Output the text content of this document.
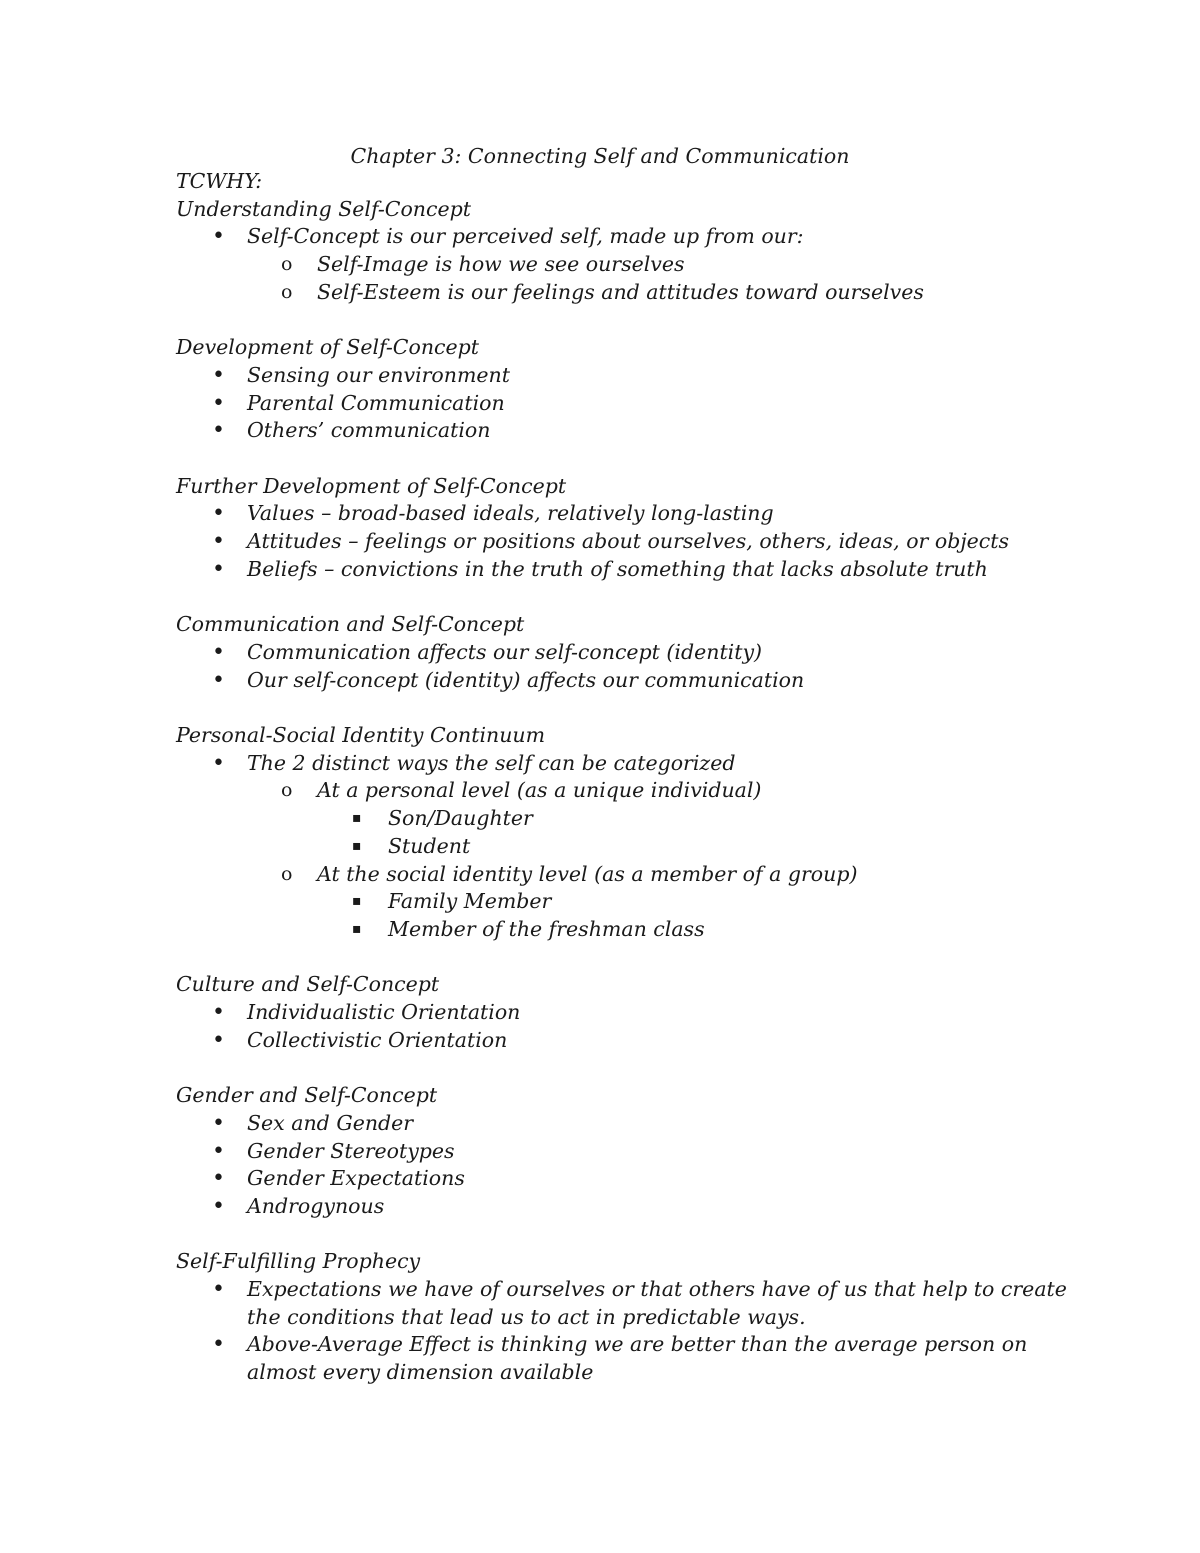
Chapter 3: Connecting Self and Communication
TCWHY:
Understanding Self-Concept
• Self-Concept is our perceived self, made up from our:
o Self-Image is how we see ourselves
o Self-Esteem is our feelings and attitudes toward ourselves
Development of Self-Concept
• Sensing our environment
• Parental Communication
• Others’ communication
Further Development of Self-Concept
• Values – broad-based ideals, relatively long-lasting
• Attitudes – feelings or positions about ourselves, others, ideas, or objects
• Beliefs – convictions in the truth of something that lacks absolute truth
Communication and Self-Concept
• Communication affects our self-concept (identity)
• Our self-concept (identity) affects our communication
Personal-Social Identity Continuum
• The 2 distinct ways the self can be categorized
o At a personal level (as a unique individual)
▪ Son/Daughter
▪ Student
o At the social identity level (as a member of a group)
▪ Family Member
▪ Member of the freshman class
Culture and Self-Concept
• Individualistic Orientation
• Collectivistic Orientation
Gender and Self-Concept
• Sex and Gender
• Gender Stereotypes
• Gender Expectations
• Androgynous
Self-Fulfilling Prophecy
• Expectations we have of ourselves or that others have of us that help to create
the conditions that lead us to act in predictable ways.
• Above-Average Effect is thinking we are better than the average person on
almost every dimension available
